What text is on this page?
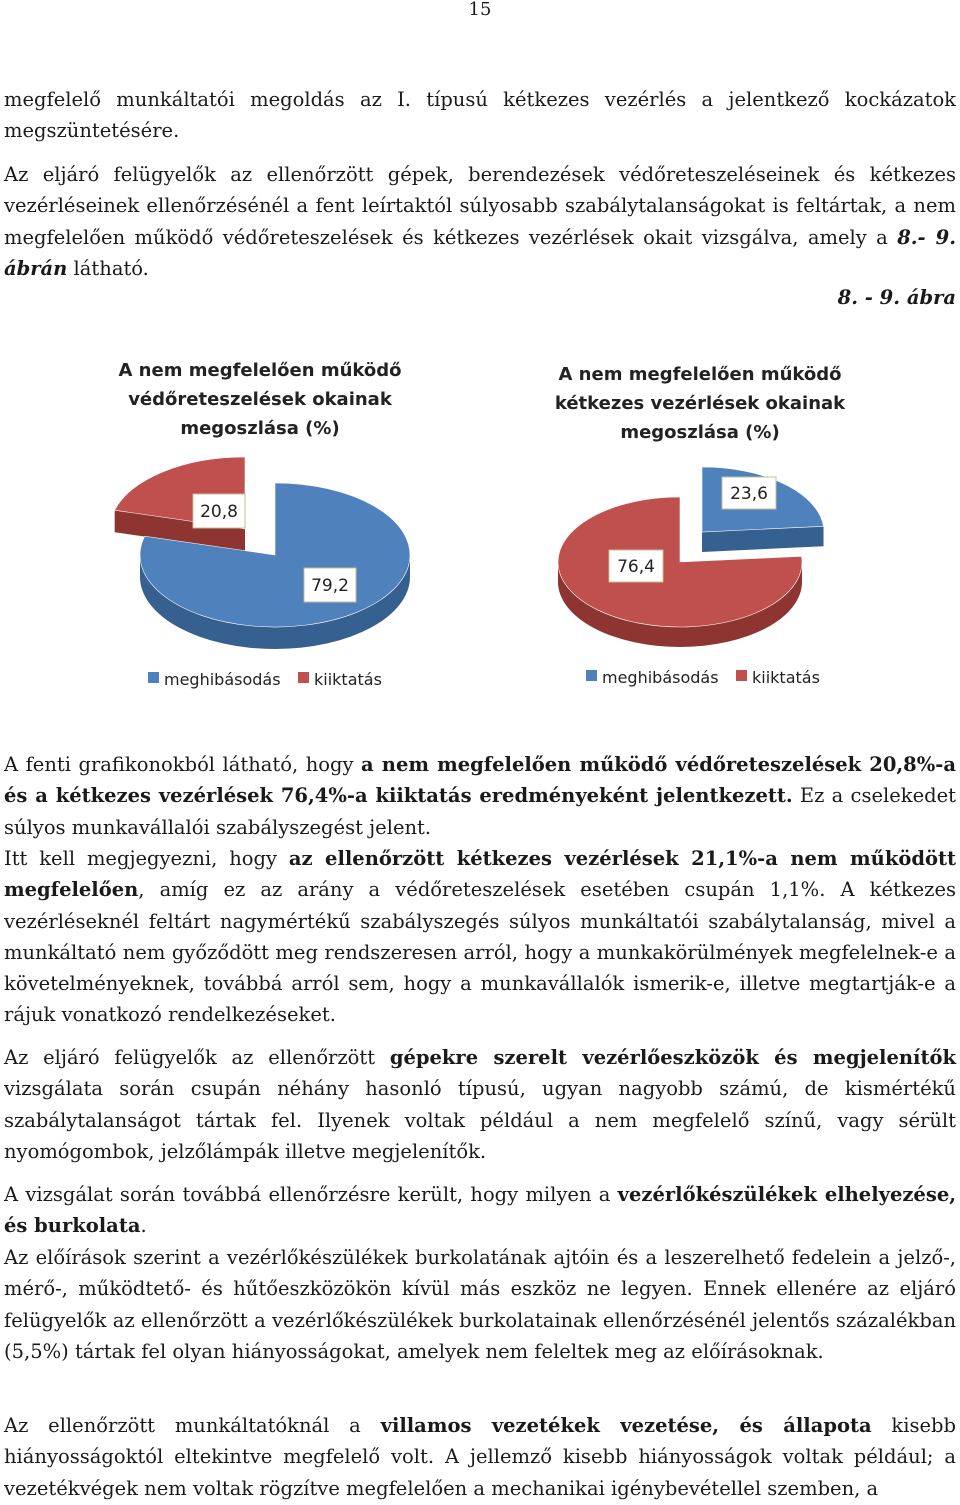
15

megfelelő munkáltatói megoldás az I. típusú kétkezes vezérlés a jelentkező kockázatok megszüntetésére.

Az eljáró felügyelők az ellenőrzött gépek, berendezések védőreteszeléseinek és kétkezes vezérléseinek ellenőrzésénél a fent leírtaktól súlyosabb szabálytalanságokat is feltártak, a nem megfelelően működő védőreteszelések és kétkezes vezérlések okait vizsgálva, amely a 8.- 9. ábrán látható.

8. - 9. ábra
A nem megfelelően működő
védőreteszelések okainak
megoszlása (%)
A nem megfelelően működő
kétkezes vezérlések okainak
megoszlása (%)
79,2
20,8
meghibásodás kiiktatás
23,6
76,4
meghibásodás kiiktatás

A fenti grafikonokból látható, hogy a nem megfelelően működő védőreteszelések 20,8%-a és a kétkezes vezérlések 76,4%-a kiiktatás eredményeként jelentkezett. Ez a cselekedet súlyos munkavállalói szabályszegést jelent.

Itt kell megjegyezni, hogy az ellenőrzött kétkezes vezérlések 21,1%-a nem működött megfelelően, amíg ez az arány a védőreteszelések esetében csupán 1,1%. A kétkezes vezérléseknél feltárt nagymértékű szabályszegés súlyos munkáltatói szabálytalanság, mivel a munkáltató nem győződött meg rendszeresen arról, hogy a munkakörülmények megfelelnek-e a követelményeknek, továbbá arról sem, hogy a munkavállalók ismerik-e, illetve megtartják-e a rájuk vonatkozó rendelkezéseket.

Az eljáró felügyelők az ellenőrzött gépekre szerelt vezérlőeszközök és megjelenítők vizsgálata során csupán néhány hasonló típusú, ugyan nagyobb számú, de kismértékű szabálytalanságot tártak fel. Ilyenek voltak például a nem megfelelő színű, vagy sérült nyomógombok, jelzőlámpák illetve megjelenítők.

A vizsgálat során továbbá ellenőrzésre került, hogy milyen a vezérlőkészülékek elhelyezése, és burkolata.

Az előírások szerint a vezérlőkészülékek burkolatának ajtóin és a leszerelhető fedelein a jelző-, mérő-, működtető- és hűtőeszközökön kívül más eszköz ne legyen. Ennek ellenére az eljáró felügyelők az ellenőrzött a vezérlőkészülékek burkolatainak ellenőrzésénél jelentős százalékban (5,5%) tártak fel olyan hiányosságokat, amelyek nem feleltek meg az előírásoknak.

Az ellenőrzött munkáltatóknál a villamos vezetékek vezetése, és állapota kisebb hiányosságoktól eltekintve megfelelő volt. A jellemző kisebb hiányosságok voltak például; a vezetékvégek nem voltak rögzítve megfelelően a mechanikai igénybevétellel szemben, a
